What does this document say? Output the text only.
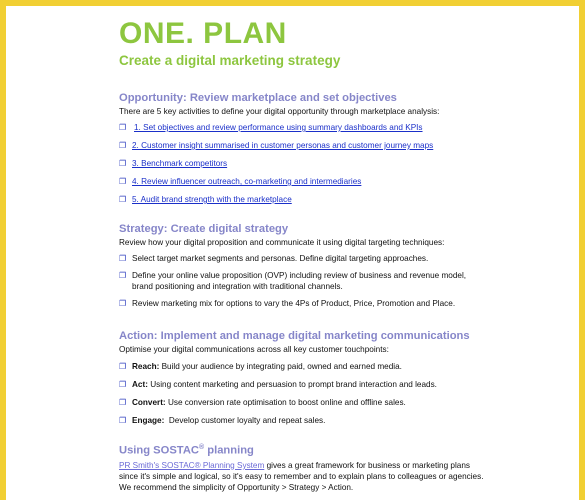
ONE. PLAN
Create a digital marketing strategy
Opportunity: Review marketplace and set objectives

There are 5 key activities to define your digital opportunity through marketplace analysis:

❐ 1. Set objectives and review performance using summary dashboards and KPIs
❐ 2. Customer insight summarised in customer personas and customer journey maps
❐ 3. Benchmark competitors
❐ 4. Review influencer outreach, co-marketing and intermediaries
❐ 5. Audit brand strength with the marketplace
Strategy: Create digital strategy

Review how your digital proposition and communicate it using digital targeting techniques:

❐ Select target market segments and personas. Define digital targeting approaches.
❐ Define your online value proposition (OVP) including review of business and revenue model, brand positioning and integration with traditional channels.
❐ Review marketing mix for options to vary the 4Ps of Product, Price, Promotion and Place.
Action: Implement and manage digital marketing communications

Optimise your digital communications across all key customer touchpoints:

❐ Reach: Build your audience by integrating paid, owned and earned media.
❐ Act: Using content marketing and persuasion to prompt brand interaction and leads.
❐ Convert: Use conversion rate optimisation to boost online and offline sales.
❐ Engage:  Develop customer loyalty and repeat sales.
Using SOSTAC® planning

PR Smith's SOSTAC® Planning System gives a great framework for business or marketing plans since it's simple and logical, so it's easy to remember and to explain plans to colleagues or agencies. We recommend the simplicity of Opportunity > Strategy > Action.
